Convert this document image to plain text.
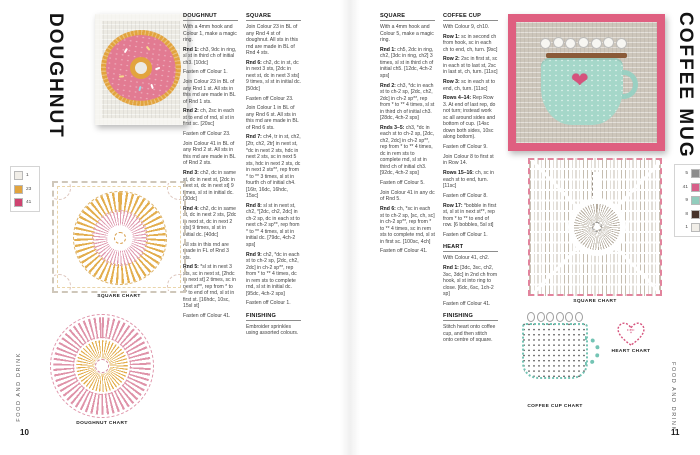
DOUGHNUT	DOUGHNUT

With a 4mm hook and Colour 1, make a magic ring.

Rnd 1: ch3, 9dc in ring, sl st in third ch of initial ch3. [10dc]

Fasten off Colour 1.

Join Colour 23 in BL of any Rnd 1 st. All sts in this rnd are made in BL of Rnd 1 sts.

Rnd 2: ch, 2sc in each st to end of rnd, sl st in first sc. [20sc]

Fasten off Colour 23.

Join Colour 41 in BL of any Rnd 2 st. All sts in this rnd are made in BL of Rnd 2 sts.

Rnd 3: ch2, dc in same st, dc in next st, [2dc in next st, dc in next st] 9 times, sl st in initial dc. [30dc]

Rnd 4: ch2, dc in same st, dc in next 2 sts, [2dc in next st, dc in next 2 sts] 9 times, sl st in initial dc. [40dc]

All sts in this rnd are made in FL of Rnd 3 sts.

Rnd 5: *sl st in next 3 sts, sc in next st, [2hdc in next st] 2 times, sc in next st**, rep from * to ** to end of rnd, sl st in first st. [16hdc, 10sc, 15sl st]

Fasten off Colour 41.

SQUARE

Join Colour 23 in BL of any Rnd 4 st of doughnut. All sts in this rnd are made in BL of Rnd 4 sts.

Rnd 6: ch2, dc in st, dc in next 3 sts, [2dc in next st, dc in next 3 sts] 9 times, sl st in initial dc. [50dc]

Fasten off Colour 23.

Join Colour 1 in BL of any Rnd 6 st. All sts in this rnd are made in BL of Rnd 6 sts.

Rnd 7: ch4, tr in st, ch2, [2tr, ch2, 2tr] in next st, *dc in next 2 sts, hdc in next 2 sts, sc in next 5 sts, hdc in next 2 sts, dc in next 2 sts**, rep from * to ** 3 times, sl st in fourth ch of initial ch4. [16tr, 16dc, 16hdc, 15sc]

Rnd 8: sl st in next st, ch2, *[2dc, ch2, 2dc] in ch-2 sp, dc in each st to next ch-2 sp**, rep from * to ** 4 times, sl st in initial dc. [79dc, 4ch-2 sps]

Rnd 9: ch2, *dc in each st to ch-2 sp, [2dc, ch2, 2dc] in ch-2 sp**, rep from * to ** 4 times, dc in rem sts to complete rnd, sl st in initial dc. [95dc, 4ch-2 sps]

Fasten off Colour 1.

FINISHING

Embroider sprinkles using assorted colours.

1
23
41
SQUARE CHART
DOUGHNUT CHART
FOOD AND DRINK
10
SQUARE

With a 4mm hook and Colour 5, make a magic ring.

Rnd 1: ch5, 2dc in ring, ch2, [3dc in ring, ch2] 3 times, sl st in third ch of initial ch5. [12dc, 4ch-2 sps]

Rnd 2: ch3, *dc in each st to ch-2 sp, [2dc, ch2, 2dc] in ch-2 sp**, rep from * to ** 4 times, sl st in third ch of initial ch3. [28dc, 4ch-2 sps]

Rnds 3–5: ch3, *dc in each st to ch-2 sp, [2dc, ch2, 2dc] in ch-2 sp**, rep from * to ** 4 times, dc in rem sts to complete rnd, sl st in third ch of initial ch3. [92dc, 4ch-2 sps]

Fasten off Colour 5.

Join Colour 41 in any dc of Rnd 5.

Rnd 6: ch, *sc in each st to ch-2 sp, [sc, ch, sc] in ch-2 sp**, rep from * to ** 4 times, sc in rem sts to complete rnd, sl st in first sc. [100sc, 4ch]

Fasten off Colour 41.

COFFEE CUP

With Colour 9, ch10.

Row 1: sc in second ch from hook, sc in each ch to end, ch, turn. [9sc]

Row 2: 2sc in first st, sc in each st to last st, 2sc in last st, ch, turn. [11sc]

Row 3: sc in each st to end, ch, turn. [11sc]

Rows 4–14: Rep Row 3. At end of last rep, do not turn; instead work sc all around sides and bottom of cup. (14sc down both sides, 10sc along bottom).

Fasten off Colour 9.

Join Colour 8 to first st in Row 14.

Rows 15–16: ch, sc in each st to end, turn. [11sc]

Fasten off Colour 8.

Row 17: *bobble in first st, sl st in next st**, rep from * to ** to end of row. [6 bobbles, 5sl st]

Fasten off Colour 1.

HEART

With Colour 41, ch2.

Rnd 1: [3dc, 3sc, ch2, 3sc, 3dc] in 2nd ch from hook, sl st into ring to close. [6dc, 6sc, 1ch-2 sp]

Fasten off Colour 41.

FINISHING

Stitch heart onto coffee cup, and then stitch onto centre of square.

❤
5
41
9
8
1
SQUARE CHART
COFFEE CUP CHART
HEART CHART
FOOD AND DRINK
11
COFFEE MUG
